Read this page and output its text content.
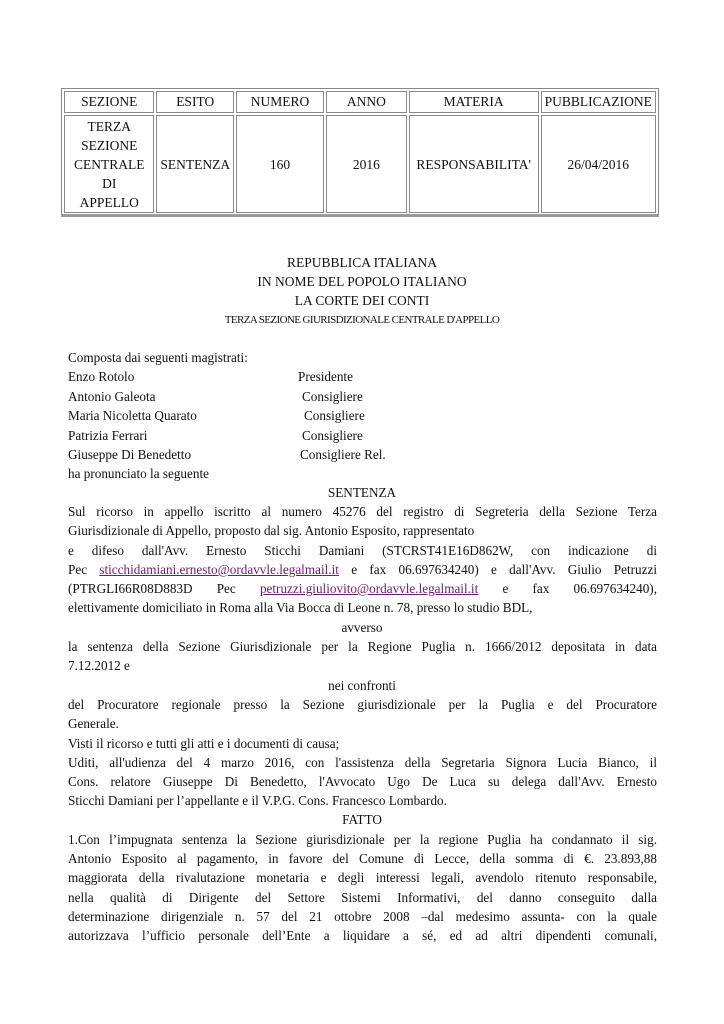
SEZIONE	ESITO	NUMERO	ANNO	MATERIA	PUBBLICAZIONE

TERZA
SEZIONE
CENTRALE
DI
APPELLO	SENTENZA	160	2016	RESPONSABILITA'	26/04/2016
REPUBBLICA ITALIANA
IN NOME DEL POPOLO ITALIANO
LA CORTE DEI CONTI
TERZA SEZIONE GIURISDIZIONALE CENTRALE D'APPELLO
Composta dai seguenti magistrati:
Enzo Rotolo	Presidente
Antonio Galeota	Consigliere
Maria Nicoletta Quarato	Consigliere
Patrizia Ferrari	Consigliere
Giuseppe Di Benedetto	Consigliere Rel.
ha pronunciato la seguente
SENTENZA
Sul ricorso in appello iscritto al numero 45276 del registro di Segreteria della Sezione Terza
Giurisdizionale di Appello, proposto dal sig. Antonio Esposito, rappresentato
e difeso dall'Avv. Ernesto Sticchi Damiani (STCRST41E16D862W, con indicazione di
Pec sticchidamiani.ernesto@ordavvle.legalmail.it e fax 06.697634240) e dall'Avv. Giulio Petruzzi
(PTRGLI66R08D883D Pec petruzzi.giuliovito@ordavvle.legalmail.it e fax 06.697634240),
elettivamente domiciliato in Roma alla Via Bocca di Leone n. 78, presso lo studio BDL,
avverso
la sentenza della Sezione Giurisdizionale per la Regione Puglia n. 1666/2012 depositata in data
7.12.2012 e
nei confronti
del Procuratore regionale presso la Sezione giurisdizionale per la Puglia e del Procuratore
Generale.
Visti il ricorso e tutti gli atti e i documenti di causa;
Uditi, all'udienza del 4 marzo 2016, con l'assistenza della Segretaria Signora Lucia Bianco, il
Cons. relatore Giuseppe Di Benedetto, l'Avvocato Ugo De Luca su delega dall'Avv. Ernesto
Sticchi Damiani per l’appellante e il V.P.G. Cons. Francesco Lombardo.
FATTO
1.Con l’impugnata sentenza la Sezione giurisdizionale per la regione Puglia ha condannato il sig.
Antonio Esposito al pagamento, in favore del Comune di Lecce, della somma di €. 23.893,88
maggiorata della rivalutazione monetaria e degli interessi legali, avendolo ritenuto responsabile,
nella qualità di Dirigente del Settore Sistemi Informativi, del danno conseguito dalla
determinazione dirigenziale n. 57 del 21 ottobre 2008 –dal medesimo assunta- con la quale
autorizzava l’ufficio personale dell’Ente a liquidare a sé, ed ad altri dipendenti comunali,
